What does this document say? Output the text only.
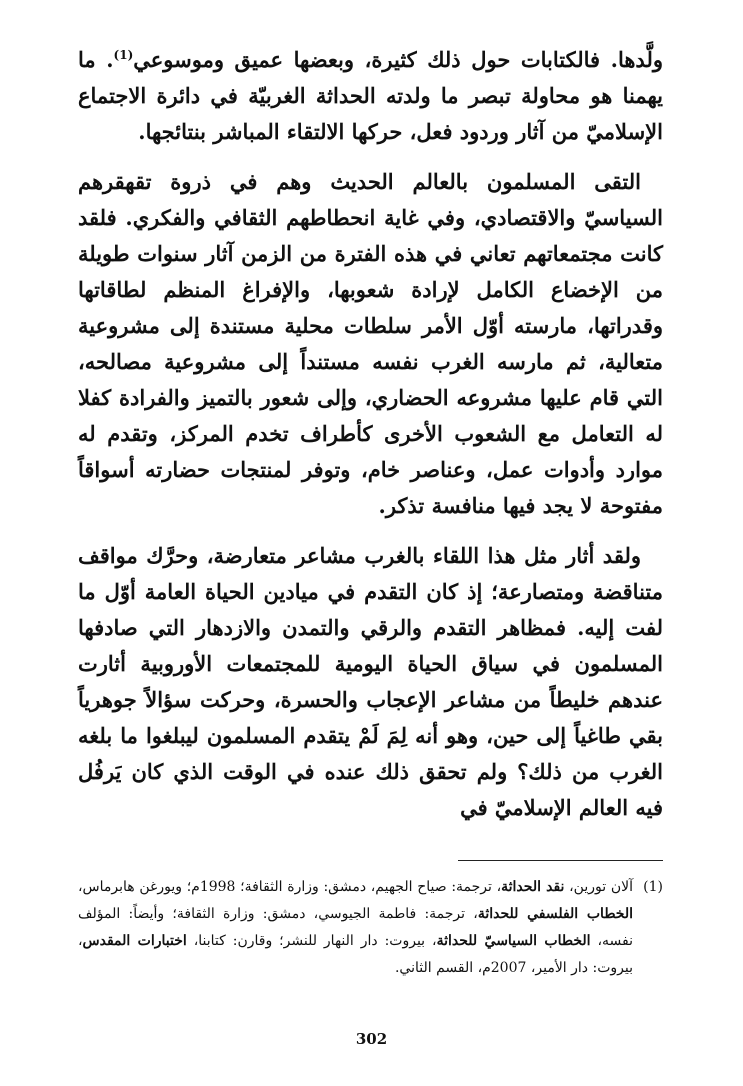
ولَّدها. فالكتابات حول ذلك كثيرة، وبعضها عميق وموسوعي$^{(1)}$. ما يهمنا هو محاولة تبصر ما ولدته الحداثة الغربيّة في دائرة الاجتماع الإسلاميّ من آثار وردود فعل، حركها الالتقاء المباشر بنتائجها.

التقى المسلمون بالعالم الحديث وهم في ذروة تقهقرهم السياسيّ والاقتصادي، وفي غاية انحطاطهم الثقافي والفكري. فلقد كانت مجتمعاتهم تعاني في هذه الفترة من الزمن آثار سنوات طويلة من الإخضاع الكامل لإرادة شعوبها، والإفراغ المنظم لطاقاتها وقدراتها، مارسته أوّل الأمر سلطات محلية مستندة إلى مشروعية متعالية، ثم مارسه الغرب نفسه مستنداً إلى مشروعية مصالحه، التي قام عليها مشروعه الحضاري، وإلى شعور بالتميز والفرادة كفلا له التعامل مع الشعوب الأخرى كأطراف تخدم المركز، وتقدم له موارد وأدوات عمل، وعناصر خام، وتوفر لمنتجات حضارته أسواقاً مفتوحة لا يجد فيها منافسة تذكر.

ولقد أثار مثل هذا اللقاء بالغرب مشاعر متعارضة، وحرَّك مواقف متناقضة ومتصارعة؛ إذ كان التقدم في ميادين الحياة العامة أوّل ما لفت إليه. فمظاهر التقدم والرقي والتمدن والازدهار التي صادفها المسلمون في سياق الحياة اليومية للمجتمعات الأوروبية أثارت عندهم خليطاً من مشاعر الإعجاب والحسرة، وحركت سؤالاً جوهرياً بقي طاغياً إلى حين، وهو أنه لِمَ لَمْ يتقدم المسلمون ليبلغوا ما بلغه الغرب من ذلك؟ ولم تحقق ذلك عنده في الوقت الذي كان يَرفُل فيه العالم الإسلاميّ في

(1)
آلان تورين، نقد الحداثة، ترجمة: صياح الجهيم، دمشق: وزارة الثقافة؛ 1998م؛ ويورغن هابرماس، الخطاب الفلسفي للحداثة، ترجمة: فاطمة الجيوسي، دمشق: وزارة الثقافة؛ وأيضاً: المؤلف نفسه، الخطاب السياسيّ للحداثة، بيروت: دار النهار للنشر؛ وقارن: كتابنا، اختبارات المقدس، بيروت: دار الأمير، 2007م، القسم الثاني.

302
